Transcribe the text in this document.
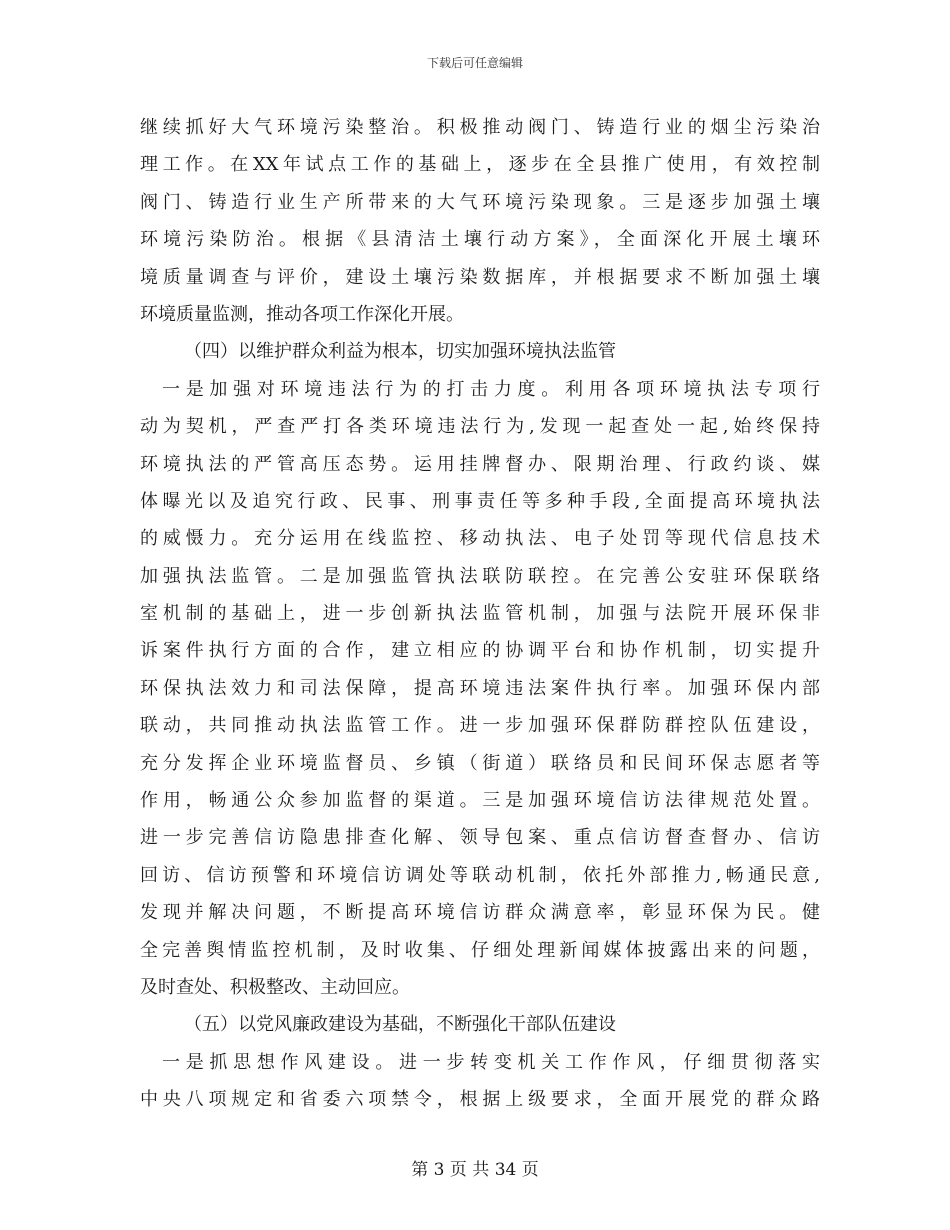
下载后可任意编辑
继续抓好大气环境污染整治。积极推动阀门、铸造行业的烟尘污染治
理工作。在XX年试点工作的基础上，逐步在全县推广使用，有效控制
阀门、铸造行业生产所带来的大气环境污染现象。三是逐步加强土壤
环境污染防治。根据《县清洁土壤行动方案》，全面深化开展土壤环
境质量调查与评价，建设土壤污染数据库，并根据要求不断加强土壤
环境质量监测，推动各项工作深化开展。
（四）以维护群众利益为根本，切实加强环境执法监管
一是加强对环境违法行为的打击力度。利用各项环境执法专项行
动为契机，严查严打各类环境违法行为,发现一起查处一起,始终保持
环境执法的严管高压态势。运用挂牌督办、限期治理、行政约谈、媒
体曝光以及追究行政、民事、刑事责任等多种手段,全面提高环境执法
的威慑力。充分运用在线监控、移动执法、电子处罚等现代信息技术
加强执法监管。二是加强监管执法联防联控。在完善公安驻环保联络
室机制的基础上，进一步创新执法监管机制，加强与法院开展环保非
诉案件执行方面的合作，建立相应的协调平台和协作机制，切实提升
环保执法效力和司法保障，提高环境违法案件执行率。加强环保内部
联动，共同推动执法监管工作。进一步加强环保群防群控队伍建设，
充分发挥企业环境监督员、乡镇（街道）联络员和民间环保志愿者等
作用，畅通公众参加监督的渠道。三是加强环境信访法律规范处置。
进一步完善信访隐患排查化解、领导包案、重点信访督查督办、信访
回访、信访预警和环境信访调处等联动机制，依托外部推力,畅通民意,
发现并解决问题，不断提高环境信访群众满意率，彰显环保为民。健
全完善舆情监控机制，及时收集、仔细处理新闻媒体披露出来的问题，
及时查处、积极整改、主动回应。
（五）以党风廉政建设为基础，不断强化干部队伍建设
一是抓思想作风建设。进一步转变机关工作作风，仔细贯彻落实
中央八项规定和省委六项禁令，根据上级要求，全面开展党的群众路
第 3 页 共 34 页
